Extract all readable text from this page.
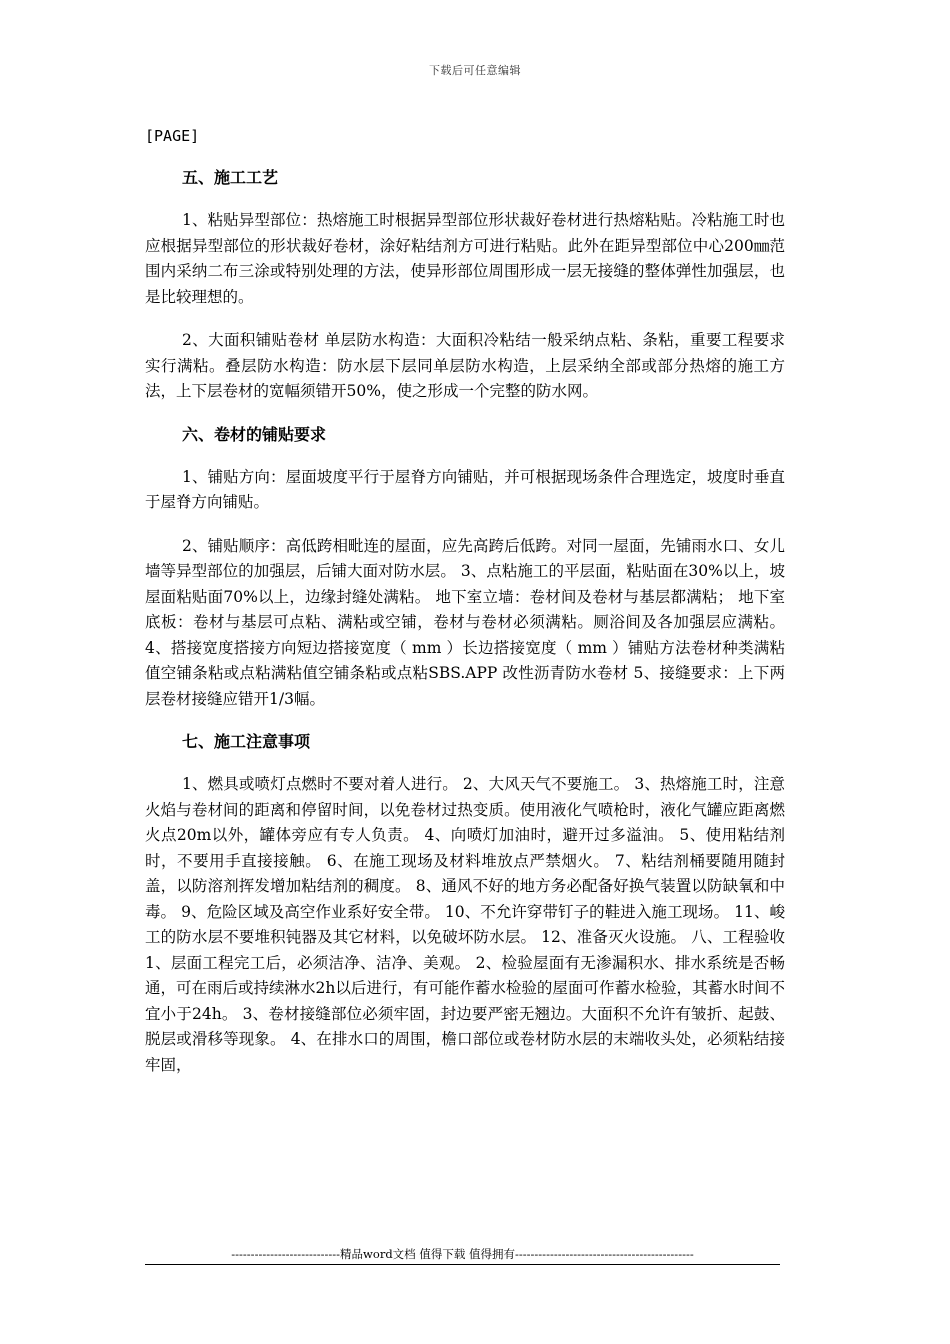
下载后可任意编辑
[PAGE]
五、施工工艺

1、粘贴异型部位：热熔施工时根据异型部位形状裁好卷材进行热熔粘贴。冷粘施工时也应根据异型部位的形状裁好卷材，涂好粘结剂方可进行粘贴。此外在距异型部位中心200㎜范围内采纳二布三涂或特别处理的方法，使异形部位周围形成一层无接缝的整体弹性加强层，也是比较理想的。

2、大面积铺贴卷材 单层防水构造：大面积冷粘结一般采纳点粘、条粘，重要工程要求实行满粘。叠层防水构造：防水层下层同单层防水构造，上层采纳全部或部分热熔的施工方法，上下层卷材的宽幅须错开50%，使之形成一个完整的防水网。

六、卷材的铺贴要求

1、铺贴方向：屋面坡度平行于屋脊方向铺贴，并可根据现场条件合理选定，坡度时垂直于屋脊方向铺贴。

2、铺贴顺序：高低跨相毗连的屋面，应先高跨后低跨。对同一屋面，先铺雨水口、女儿墙等异型部位的加强层，后铺大面对防水层。 3、点粘施工的平层面，粘贴面在30%以上，坡屋面粘贴面70%以上，边缘封缝处满粘。 地下室立墙：卷材间及卷材与基层都满粘； 地下室底板：卷材与基层可点粘、满粘或空铺，卷材与卷材必须满粘。厕浴间及各加强层应满粘。 4、搭接宽度搭接方向短边搭接宽度（ mm ）长边搭接宽度（ mm ）铺贴方法卷材种类满粘值空铺条粘或点粘满粘值空铺条粘或点粘SBS.APP 改性沥青防水卷材 5、接缝要求：上下两层卷材接缝应错开1/3幅。

七、施工注意事项

1、燃具或喷灯点燃时不要对着人进行。 2、大风天气不要施工。 3、热熔施工时，注意火焰与卷材间的距离和停留时间，以免卷材过热变质。使用液化气喷枪时，液化气罐应距离燃火点20m以外，罐体旁应有专人负责。 4、向喷灯加油时，避开过多溢油。 5、使用粘结剂时，不要用手直接接触。 6、在施工现场及材料堆放点严禁烟火。 7、粘结剂桶要随用随封盖，以防溶剂挥发增加粘结剂的稠度。 8、通风不好的地方务必配备好换气装置以防缺氧和中毒。 9、危险区域及高空作业系好安全带。 10、不允许穿带钉子的鞋进入施工现场。 11、峻工的防水层不要堆积钝器及其它材料，以免破坏防水层。 12、准备灭火设施。 八、工程验收 1、层面工程完工后，必须洁净、洁净、美观。 2、检验屋面有无渗漏积水、排水系统是否畅通，可在雨后或持续淋水2h以后进行，有可能作蓄水检验的屋面可作蓄水检验，其蓄水时间不宜小于24h。 3、卷材接缝部位必须牢固，封边要严密无翘边。大面积不允许有皱折、起鼓、脱层或滑移等现象。 4、在排水口的周围，檐口部位或卷材防水层的末端收头处，必须粘结接牢固，

----------------------------精品word文档 值得下载 值得拥有----------------------------------------------
